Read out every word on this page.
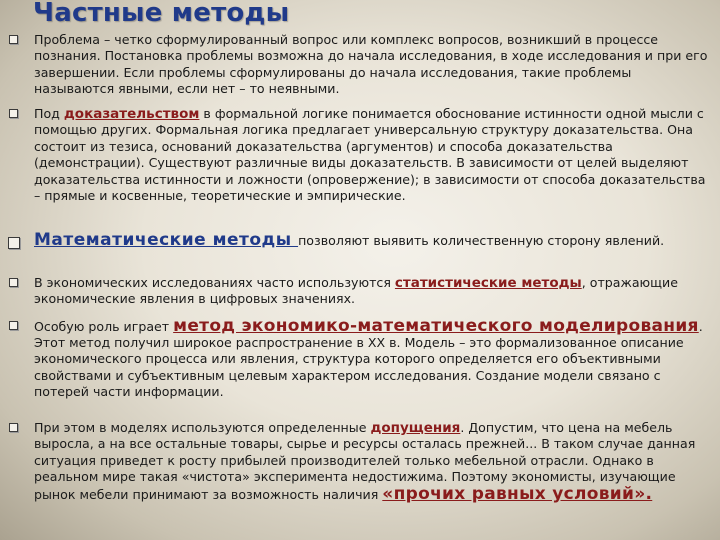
Частные методы

Проблема – четко сформулированный вопрос или комплекс вопросов, возникший в процессе познания. Постановка проблемы возможна до начала исследования, в ходе исследования и при его завершении. Если проблемы сформулированы до начала исследования, такие проблемы называются явными, если нет – то неявными.

Под доказательством в формальной логике понимается обоснование истинности одной мысли с помощью других. Формальная логика предлагает универсальную структуру доказательства. Она состоит из тезиса, оснований доказательства (аргументов) и способа доказательства (демонстрации). Существуют различные виды доказательств. В зависимости от целей выделяют доказательства истинности и ложности (опровержение); в зависимости от способа доказательства – прямые и косвенные, теоретические и эмпирические.

Математические методы позволяют выявить количественную сторону явлений.

В экономических исследованиях часто используются статистические методы, отражающие экономические явления в цифровых значениях.

Особую роль играет метод экономико-математического моделирования. Этот метод получил широкое распространение в XX в. Модель – это формализованное описание экономического процесса или явления, структура которого определяется его объективными свойствами и субъективным целевым характером исследования. Создание модели связано с потерей части информации.

При этом в моделях используются определенные допущения. Допустим, что цена на мебель выросла, а на все остальные товары, сырье и ресурсы осталась прежней... В таком случае данная ситуация приведет к росту прибылей производителей только мебельной отрасли. Однако в реальном мире такая «чистота» эксперимента недостижима. Поэтому экономисты, изучающие рынок мебели принимают за возможность наличия «прочих равных условий».
